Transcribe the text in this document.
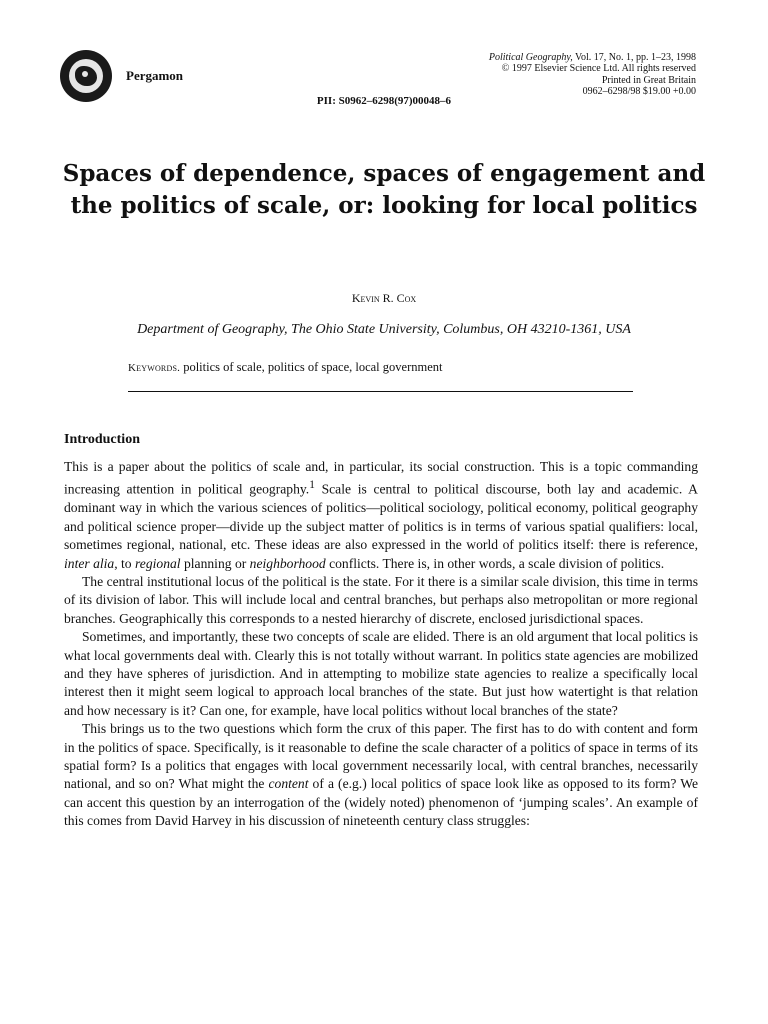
Pergamon
Political Geography, Vol. 17, No. 1, pp. 1–23, 1998
© 1997 Elsevier Science Ltd. All rights reserved
Printed in Great Britain
0962–6298/98 $19.00 +0.00
PII: S0962–6298(97)00048–6
Spaces of dependence, spaces of engagement and the politics of scale, or: looking for local politics
Kevin R. Cox
Department of Geography, The Ohio State University, Columbus, OH 43210-1361, USA
Keywords. politics of scale, politics of space, local government
Introduction

This is a paper about the politics of scale and, in particular, its social construction. This is a topic commanding increasing attention in political geography.$^1$ Scale is central to political discourse, both lay and academic. A dominant way in which the various sciences of politics—political sociology, political economy, political geography and political science proper—divide up the subject matter of politics is in terms of various spatial qualifiers: local, sometimes regional, national, etc. These ideas are also expressed in the world of politics itself: there is reference, inter alia, to regional planning or neighborhood conflicts. There is, in other words, a scale division of politics.

The central institutional locus of the political is the state. For it there is a similar scale division, this time in terms of its division of labor. This will include local and central branches, but perhaps also metropolitan or more regional branches. Geographically this corresponds to a nested hierarchy of discrete, enclosed jurisdictional spaces.

Sometimes, and importantly, these two concepts of scale are elided. There is an old argument that local politics is what local governments deal with. Clearly this is not totally without warrant. In politics state agencies are mobilized and they have spheres of jurisdiction. And in attempting to mobilize state agencies to realize a specifically local interest then it might seem logical to approach local branches of the state. But just how watertight is that relation and how necessary is it? Can one, for example, have local politics without local branches of the state?

This brings us to the two questions which form the crux of this paper. The first has to do with content and form in the politics of space. Specifically, is it reasonable to define the scale character of a politics of space in terms of its spatial form? Is a politics that engages with local government necessarily local, with central branches, necessarily national, and so on? What might the content of a (e.g.) local politics of space look like as opposed to its form? We can accent this question by an interrogation of the (widely noted) phenomenon of ‘jumping scales’. An example of this comes from David Harvey in his discussion of nineteenth century class struggles:
